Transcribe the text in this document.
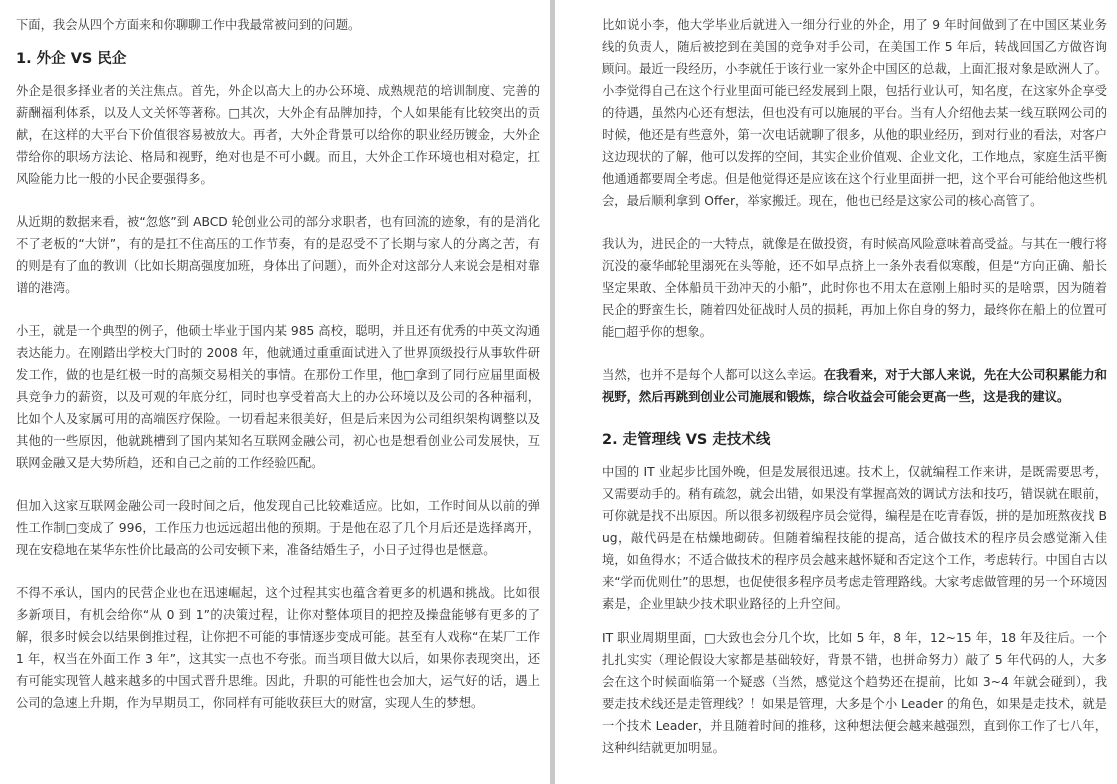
下面，我会从四个方面来和你聊聊工作中我最常被问到的问题。

1. 外企 VS 民企

外企是很多择业者的关注焦点。首先，外企以高大上的办公环境、成熟规范的培训制度、完善的薪酬福利体系，以及人文关怀等著称。□其次，大外企有品牌加持，个人如果能有比较突出的贡献，在这样的大平台下价值很容易被放大。再者，大外企背景可以给你的职业经历镀金，大外企带给你的职场方法论、格局和视野，绝对也是不可小觑。而且，大外企工作环境也相对稳定，扛风险能力比一般的小民企要强得多。

从近期的数据来看，被“忽悠”到 ABCD 轮创业公司的部分求职者，也有回流的迹象，有的是消化不了老板的“大饼”，有的是扛不住高压的工作节奏，有的是忍受不了长期与家人的分离之苦，有的则是有了血的教训（比如长期高强度加班，身体出了问题），而外企对这部分人来说会是相对靠谱的港湾。

小王，就是一个典型的例子，他硕士毕业于国内某 985 高校，聪明，并且还有优秀的中英文沟通表达能力。在刚踏出学校大门时的 2008 年，他就通过重重面试进入了世界顶级投行从事软件研发工作，做的也是红极一时的高频交易相关的事情。在那份工作里，他□拿到了同行应届里面极具竞争力的薪资，以及可观的年底分红，同时也享受着高大上的办公环境以及公司的各种福利，比如个人及家属可用的高端医疗保险。一切看起来很美好，但是后来因为公司组织架构调整以及其他的一些原因，他就跳槽到了国内某知名互联网金融公司，初心也是想看创业公司发展快，互联网金融又是大势所趋，还和自己之前的工作经验匹配。

但加入这家互联网金融公司一段时间之后，他发现自己比较难适应。比如，工作时间从以前的弹性工作制□变成了 996，工作压力也远远超出他的预期。于是他在忍了几个月后还是选择离开，现在安稳地在某华东性价比最高的公司安顿下来，准备结婚生子，小日子过得也是惬意。

不得不承认，国内的民营企业也在迅速崛起，这个过程其实也蕴含着更多的机遇和挑战。比如很多新项目，有机会给你“从 0 到 1”的决策过程，让你对整体项目的把控及操盘能够有更多的了解，很多时候会以结果倒推过程，让你把不可能的事情逐步变成可能。甚至有人戏称“在某厂工作 1 年，权当在外面工作 3 年”，这其实一点也不夸张。而当项目做大以后，如果你表现突出，还有可能实现管人越来越多的中国式晋升思维。因此，升职的可能性也会加大，运气好的话，遇上公司的急速上升期，作为早期员工，你同样有可能收获巨大的财富，实现人生的梦想。

比如说小李，他大学毕业后就进入一细分行业的外企，用了 9 年时间做到了在中国区某业务线的负责人，随后被挖到在美国的竞争对手公司，在美国工作 5 年后，转战回国乙方做咨询顾问。最近一段经历，小李就任于该行业一家外企中国区的总裁，上面汇报对象是欧洲人了。小李觉得自己在这个行业里面可能已经发展到上限，包括行业认可，知名度，在这家外企享受的待遇，虽然内心还有想法，但也没有可以施展的平台。当有人介绍他去某一线互联网公司的时候，他还是有些意外，第一次电话就聊了很多，从他的职业经历，到对行业的看法，对客户这边现状的了解，他可以发挥的空间，其实企业价值观、企业文化，工作地点，家庭生活平衡他通通都要周全考虑。但是他觉得还是应该在这个行业里面拼一把，这个平台可能给他这些机会，最后顺利拿到 Offer，举家搬迁。现在，他也已经是这家公司的核心高管了。

我认为，进民企的一大特点，就像是在做投资，有时候高风险意味着高受益。与其在一艘行将沉没的豪华邮轮里溺死在头等舱，还不如早点挤上一条外表看似寒酸，但是“方向正确、船长坚定果敢、全体船员干劲冲天的小船”，此时你也不用太在意刚上船时买的是啥票，因为随着民企的野蛮生长，随着四处征战时人员的损耗，再加上你自身的努力，最终你在船上的位置可能□超乎你的想象。

当然，也并不是每个人都可以这么幸运。在我看来，对于大部人来说，先在大公司积累能力和视野，然后再跳到创业公司施展和锻炼，综合收益会可能会更高一些，这是我的建议。

2. 走管理线 VS 走技术线

中国的 IT 业起步比国外晚，但是发展很迅速。技术上，仅就编程工作来讲，是既需要思考，又需要动手的。稍有疏忽，就会出错，如果没有掌握高效的调试方法和技巧，错误就在眼前，可你就是找不出原因。所以很多初级程序员会觉得，编程是在吃青春饭，拼的是加班熬夜找 Bug，敲代码是在枯燥地砌砖。但随着编程技能的提高，适合做技术的程序员会感觉渐入佳境，如鱼得水；不适合做技术的程序员会越来越怀疑和否定这个工作，考虑转行。中国自古以来“学而优则仕”的思想，也促使很多程序员考虑走管理路线。大家考虑做管理的另一个环境因素是，企业里缺少技术职业路径的上升空间。

IT 职业周期里面，□大致也会分几个坎，比如 5 年，8 年，12~15 年，18 年及往后。一个扎扎实实（理论假设大家都是基础较好，背景不错，也拼命努力）敲了 5 年代码的人，大多会在这个时候面临第一个疑惑（当然，感觉这个趋势还在提前，比如 3~4 年就会碰到），我要走技术线还是走管理线？！如果是管理，大多是个小 Leader 的角色，如果是走技术，就是一个技术 Leader，并且随着时间的推移，这种想法便会越来越强烈，直到你工作了七八年，这种纠结就更加明显。
